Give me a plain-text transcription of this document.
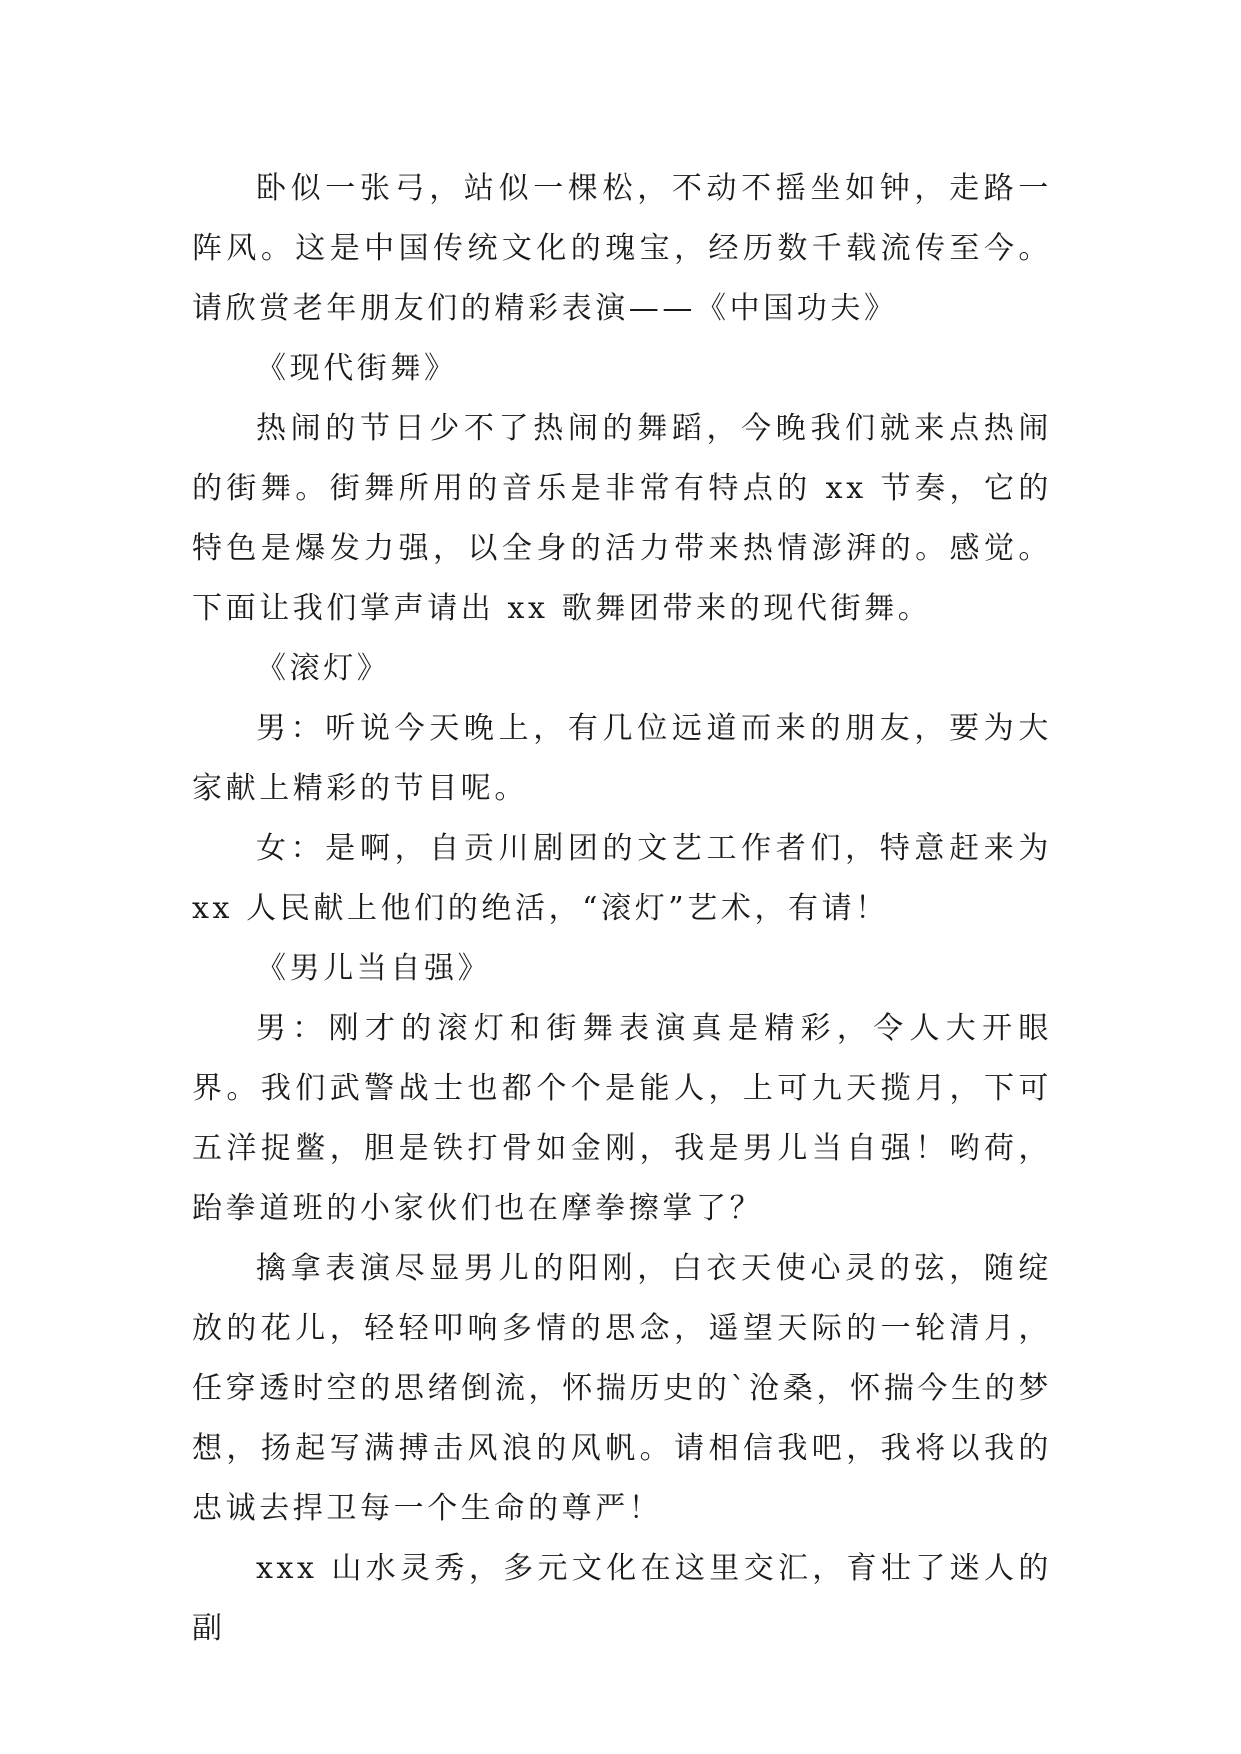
卧似一张弓，站似一棵松，不动不摇坐如钟，走路一阵风。这是中国传统文化的瑰宝，经历数千载流传至今。请欣赏老年朋友们的精彩表演——《中国功夫》

《现代街舞》

热闹的节日少不了热闹的舞蹈，今晚我们就来点热闹的街舞。街舞所用的音乐是非常有特点的 xx 节奏，它的特色是爆发力强，以全身的活力带来热情澎湃的。感觉。下面让我们掌声请出 xx 歌舞团带来的现代街舞。

《滚灯》

男：听说今天晚上，有几位远道而来的朋友，要为大家献上精彩的节目呢。

女：是啊，自贡川剧团的文艺工作者们，特意赶来为 xx 人民献上他们的绝活，“滚灯”艺术，有请！

《男儿当自强》

男：刚才的滚灯和街舞表演真是精彩，令人大开眼界。我们武警战士也都个个是能人，上可九天揽月，下可五洋捉鳖，胆是铁打骨如金刚，我是男儿当自强！哟荷，跆拳道班的小家伙们也在摩拳擦掌了？

擒拿表演尽显男儿的阳刚，白衣天使心灵的弦，随绽放的花儿，轻轻叩响多情的思念，遥望天际的一轮清月，任穿透时空的思绪倒流，怀揣历史的`沧桑，怀揣今生的梦想，扬起写满搏击风浪的风帆。请相信我吧，我将以我的忠诚去捍卫每一个生命的尊严！

xxx 山水灵秀，多元文化在这里交汇，育壮了迷人的副
